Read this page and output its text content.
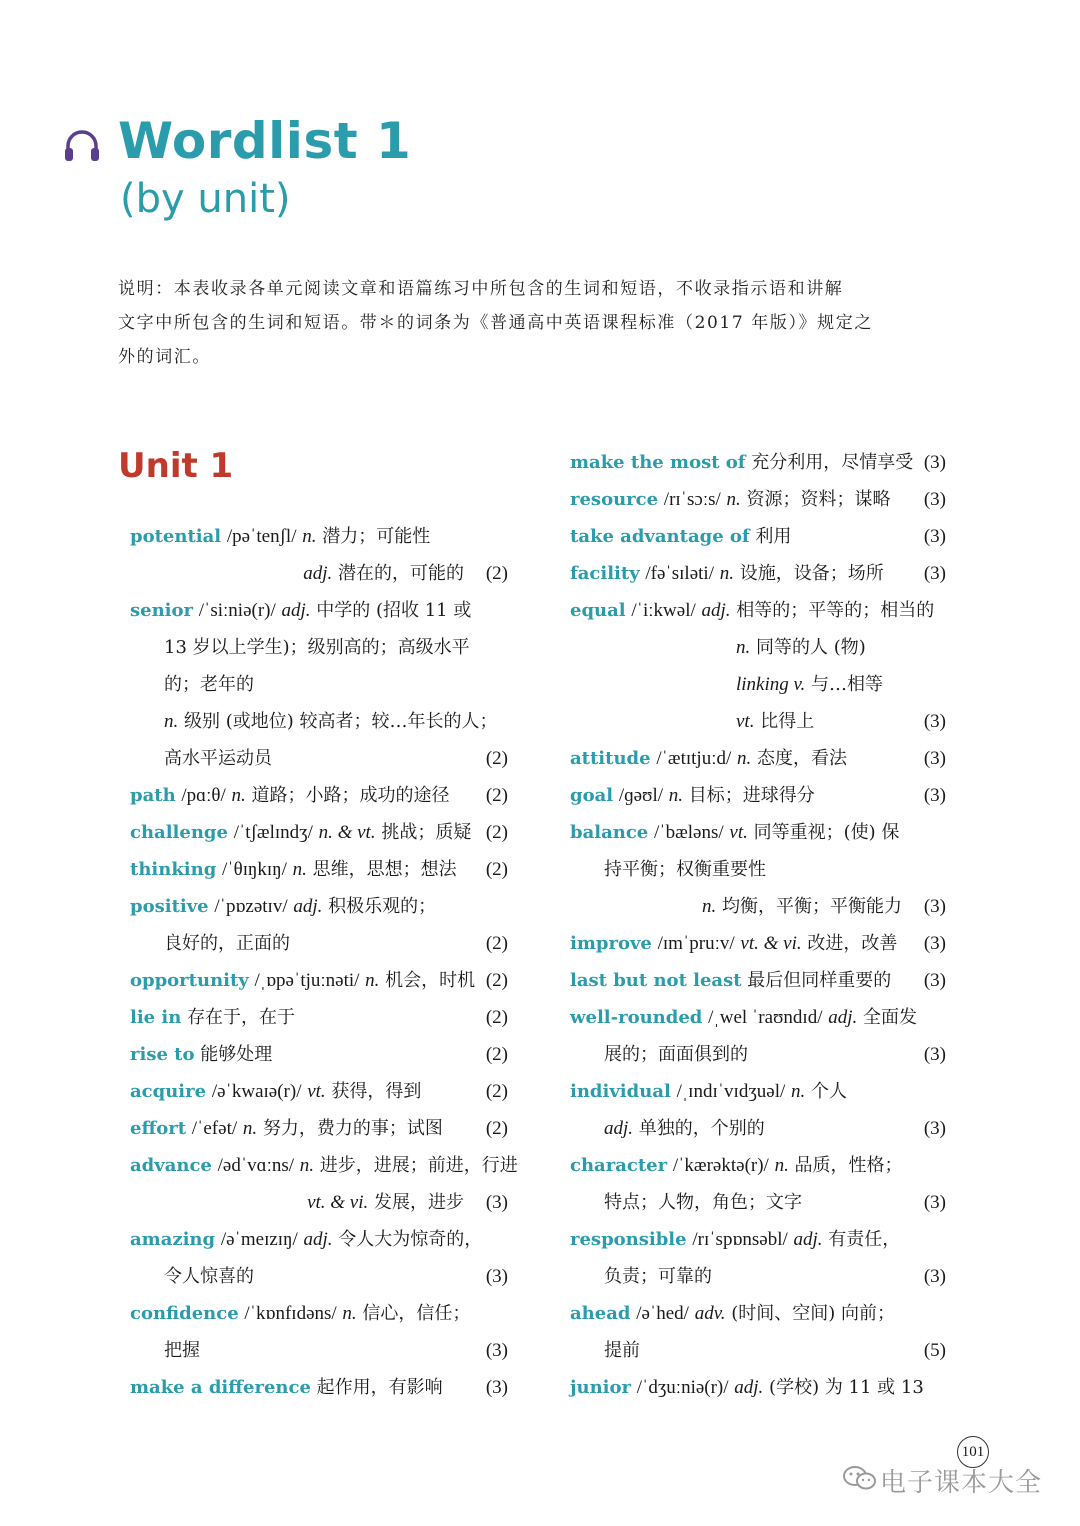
Wordlist 1
(by unit)
说明：本表收录各单元阅读文章和语篇练习中所包含的生词和短语，不收录指示语和讲解
文字中所包含的生词和短语。带＊的词条为《普通高中英语课程标准（2017 年版）》规定之
外的词汇。
Unit 1
potential /pəˈtenʃl/ n. 潜力；可能性
adj. 潜在的，可能的 (2)
senior /ˈsiːniə(r)/ adj. 中学的 (招收 11 或
13 岁以上学生)；级别高的；高级水平
的；老年的
n. 级别 (或地位) 较高者；较…年长的人；
高水平运动员	(2)
path /pɑːθ/ n. 道路；小路；成功的途径 (2)
challenge /ˈtʃælɪndʒ/ n. & vt. 挑战；质疑 (2)
thinking /ˈθɪŋkɪŋ/ n. 思维，思想；想法 (2)
positive /ˈpɒzətɪv/ adj. 积极乐观的；
良好的，正面的	(2)
opportunity /ˌɒpəˈtjuːnəti/ n. 机会，时机 (2)
lie in 存在于，在于	(2)
rise to 能够处理	(2)
acquire /əˈkwaɪə(r)/ vt. 获得，得到	(2)
effort /ˈefət/ n. 努力，费力的事；试图 (2)
advance /ədˈvɑːns/ n. 进步，进展；前进，行进
vt. & vi. 发展，进步 (3)
amazing /əˈmeɪzɪŋ/ adj. 令人大为惊奇的，
令人惊喜的	(3)
confidence /ˈkɒnfɪdəns/ n. 信心，信任；
把握	(3)
make a difference 起作用，有影响 (3)
make the most of 充分利用，尽情享受 (3)
resource /rɪˈsɔːs/ n. 资源；资料；谋略 (3)
take advantage of 利用	(3)
facility /fəˈsɪləti/ n. 设施，设备；场所 (3)
equal /ˈiːkwəl/ adj. 相等的；平等的；相当的
n. 同等的人 (物)
linking v. 与…相等
vt. 比得上	(3)
attitude /ˈætɪtjuːd/ n. 态度，看法	(3)
goal /ɡəʊl/ n. 目标；进球得分	(3)
balance /ˈbæləns/ vt. 同等重视；(使) 保
持平衡；权衡重要性
n. 均衡，平衡；平衡能力 (3)
improve /ɪmˈpruːv/ vt. & vi. 改进，改善 (3)
last but not least 最后但同样重要的 (3)
well-rounded /ˌwel ˈraʊndɪd/ adj. 全面发
展的；面面俱到的	(3)
individual /ˌɪndɪˈvɪdʒuəl/ n. 个人
adj. 单独的，个别的	(3)
character /ˈkærəktə(r)/ n. 品质，性格；
特点；人物，角色；文字	(3)
responsible /rɪˈspɒnsəbl/ adj. 有责任，
负责；可靠的	(3)
ahead /əˈhed/ adv. (时间、空间) 向前；
提前	(5)
junior /ˈdʒuːniə(r)/ adj. (学校) 为 11 或 13
101
电子课本大全
